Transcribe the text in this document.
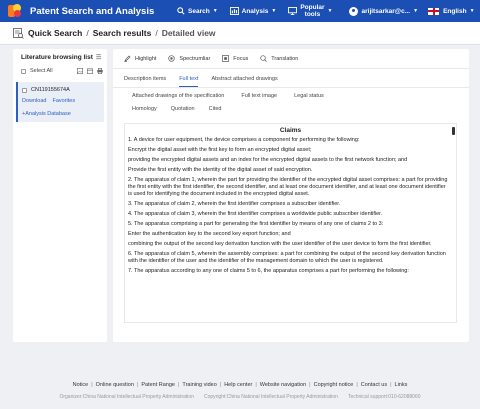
Patent Search and Analysis	Search ▼	Analysis ▼	Popular
tools	▼	arijitsarkar@c... ▼	English ▼
Quick Search / Search results / Detailed view
Literature browsing list ☰
Select All
CN119155674A
Download Favorites
+Analysis Database
Highlight	Spectrumliar	Focus	Translation
Description items Full text Abstract attached drawings
Attached drawings of the specification	Full text image	Legal status
Homology	Quotation	Cited
Claims

1. A device for user equipment, the device comprises a component for performing the following:

Encrypt the digital asset with the first key to form an encrypted digital asset;

providing the encrypted digital assets and an index for the encrypted digital assets to the first network function; and

Provide the first entity with the identity of the digital asset of said encryption.

2. The apparatus of claim 1, wherein the part for providing the identifier of the encrypted digital asset comprises: a part for providing the first entity with the first identifier, the second identifier, and at least one document identifier, and at least one document identifier is used for identifying the document included in the encrypted digital asset.

3. The apparatus of claim 2, wherein the first identifier comprises a subscriber identifier.

4. The apparatus of claim 3, wherein the first identifier comprises a worldwide public subscriber identifier.

5. The apparatus comprising a part for generating the first identifier by means of any one of claims 2 to 3:

Enter the authentication key to the second key export function; and

combining the output of the second key derivation function with the user identifier of the user device to form the first identifier.

6. The apparatus of claim 5, wherein the assembly comprises: a part for combining the output of the second key derivation function with the identifier of the user and the identifier of the management domain to which the user is registered.

7. The apparatus according to any one of claims 5 to 6, the apparatus comprises a part for performing the following:

Notice | Online question | Patent Range | Training video | Help center | Website navigation | Copyright notice | Contact us | Links
Organizer:China National Intellectual Property Administration Copyright:China National Intellectual Property Administration Technical support:010-62088060
